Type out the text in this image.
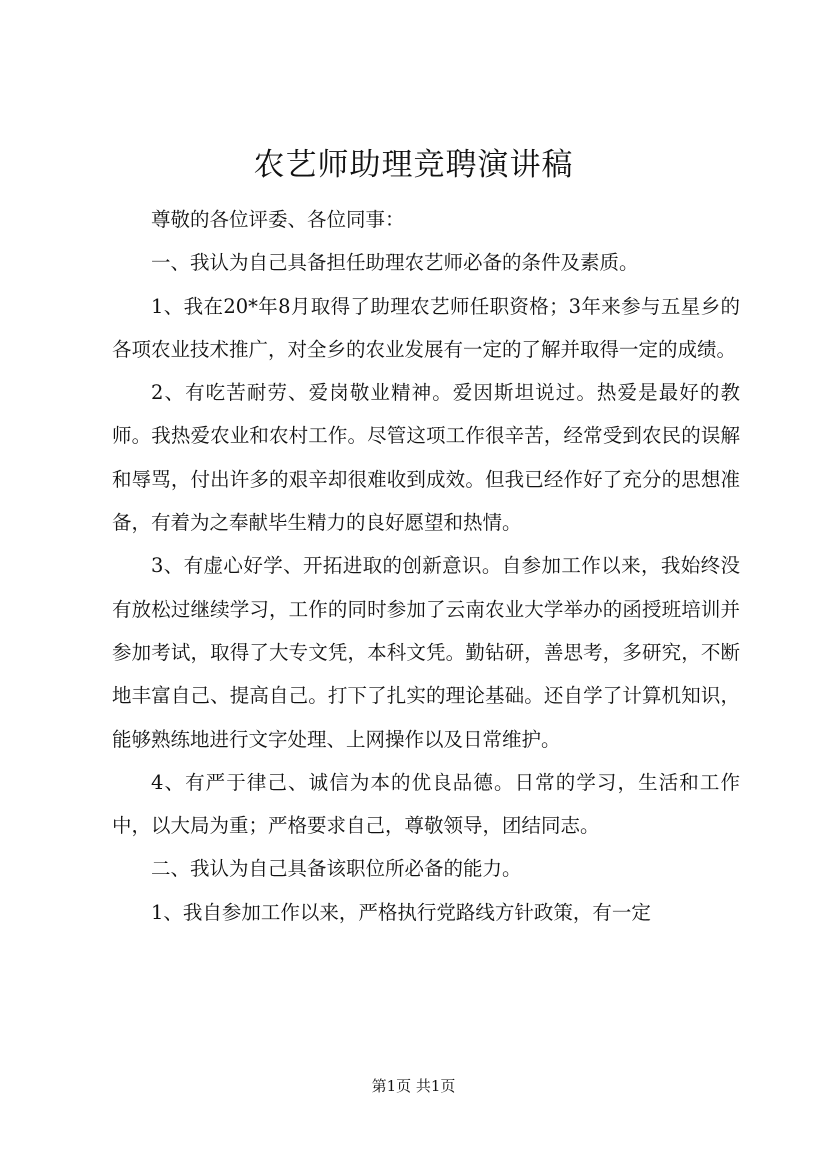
农艺师助理竞聘演讲稿

尊敬的各位评委、各位同事：

一、我认为自己具备担任助理农艺师必备的条件及素质。

1、我在20*年8月取得了助理农艺师任职资格；3年来参与五星乡的各项农业技术推广，对全乡的农业发展有一定的了解并取得一定的成绩。

2、有吃苦耐劳、爱岗敬业精神。爱因斯坦说过。热爱是最好的教师。我热爱农业和农村工作。尽管这项工作很辛苦，经常受到农民的误解和辱骂，付出许多的艰辛却很难收到成效。但我已经作好了充分的思想准备，有着为之奉献毕生精力的良好愿望和热情。

3、有虚心好学、开拓进取的创新意识。自参加工作以来，我始终没有放松过继续学习，工作的同时参加了云南农业大学举办的函授班培训并参加考试，取得了大专文凭，本科文凭。勤钻研，善思考，多研究，不断地丰富自己、提高自己。打下了扎实的理论基础。还自学了计算机知识，能够熟练地进行文字处理、上网操作以及日常维护。

4、有严于律己、诚信为本的优良品德。日常的学习，生活和工作中，以大局为重；严格要求自己，尊敬领导，团结同志。

二、我认为自己具备该职位所必备的能力。

1、我自参加工作以来，严格执行党路线方针政策，有一定

第1页 共1页
